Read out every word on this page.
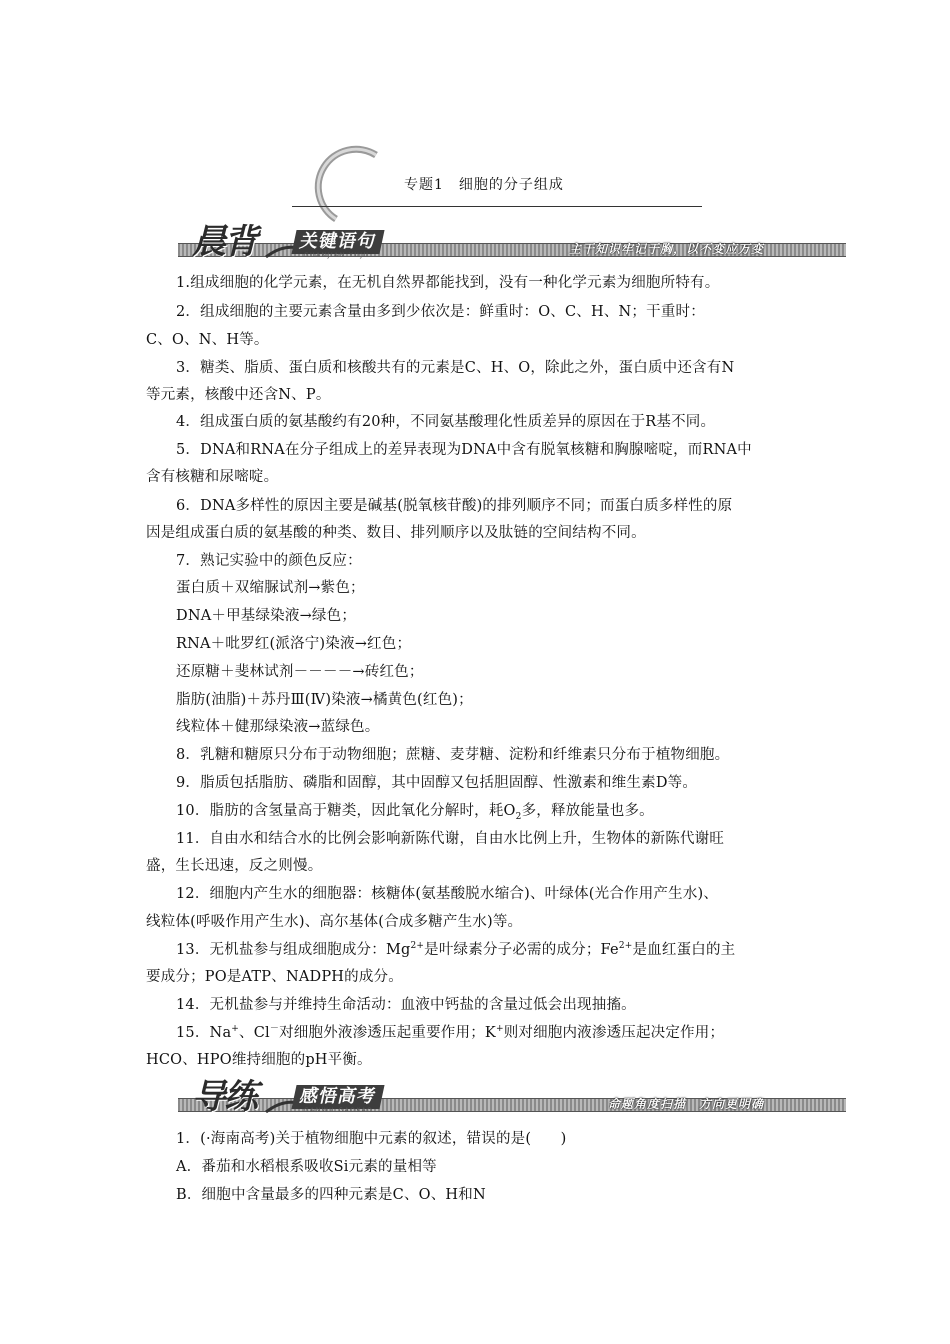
专题1　细胞的分子组成
晨背 关键语句
GUANJIAN YUJU	主干知识牢记于胸，以不变应万变
1.组成细胞的化学元素，在无机自然界都能找到，没有一种化学元素为细胞所特有。
2．组成细胞的主要元素含量由多到少依次是：鲜重时：O、C、H、N；干重时：
C、O、N、H等。
3．糖类、脂质、蛋白质和核酸共有的元素是C、H、O，除此之外，蛋白质中还含有N
等元素，核酸中还含N、P。
4．组成蛋白质的氨基酸约有20种，不同氨基酸理化性质差异的原因在于R基不同。
5．DNA和RNA在分子组成上的差异表现为DNA中含有脱氧核糖和胸腺嘧啶，而RNA中
含有核糖和尿嘧啶。
6．DNA多样性的原因主要是碱基(脱氧核苷酸)的排列顺序不同；而蛋白质多样性的原
因是组成蛋白质的氨基酸的种类、数目、排列顺序以及肽链的空间结构不同。
7．熟记实验中的颜色反应：
蛋白质＋双缩脲试剂→紫色；
DNA＋甲基绿染液→绿色；
RNA＋吡罗红(派洛宁)染液→红色；
还原糖＋斐林试剂－－－－→砖红色；
脂肪(油脂)＋苏丹Ⅲ(Ⅳ)染液→橘黄色(红色)；
线粒体＋健那绿染液→蓝绿色。
8．乳糖和糖原只分布于动物细胞；蔗糖、麦芽糖、淀粉和纤维素只分布于植物细胞。
9．脂质包括脂肪、磷脂和固醇，其中固醇又包括胆固醇、性激素和维生素D等。
10．脂肪的含氢量高于糖类，因此氧化分解时，耗$O_2$多，释放能量也多。
11．自由水和结合水的比例会影响新陈代谢，自由水比例上升，生物体的新陈代谢旺
盛，生长迅速，反之则慢。
12．细胞内产生水的细胞器：核糖体(氨基酸脱水缩合)、叶绿体(光合作用产生水)、
线粒体(呼吸作用产生水)、高尔基体(合成多糖产生水)等。
13．无机盐参与组成细胞成分：$Mg^{2+}$是叶绿素分子必需的成分；$Fe^{2+}$是血红蛋白的主
要成分；PO是ATP、NADPH的成分。
14．无机盐参与并维持生命活动：血液中钙盐的含量过低会出现抽搐。
15．Na+、Cl－对细胞外液渗透压起重要作用；K+则对细胞内液渗透压起决定作用；
HCO、HPO维持细胞的pH平衡。
导练 感悟高考
GANWU GAOKAO	命题角度扫描　方向更明确
1．(·海南高考)关于植物细胞中元素的叙述，错误的是(　　)
A．番茄和水稻根系吸收Si元素的量相等
B．细胞中含量最多的四种元素是C、O、H和N
